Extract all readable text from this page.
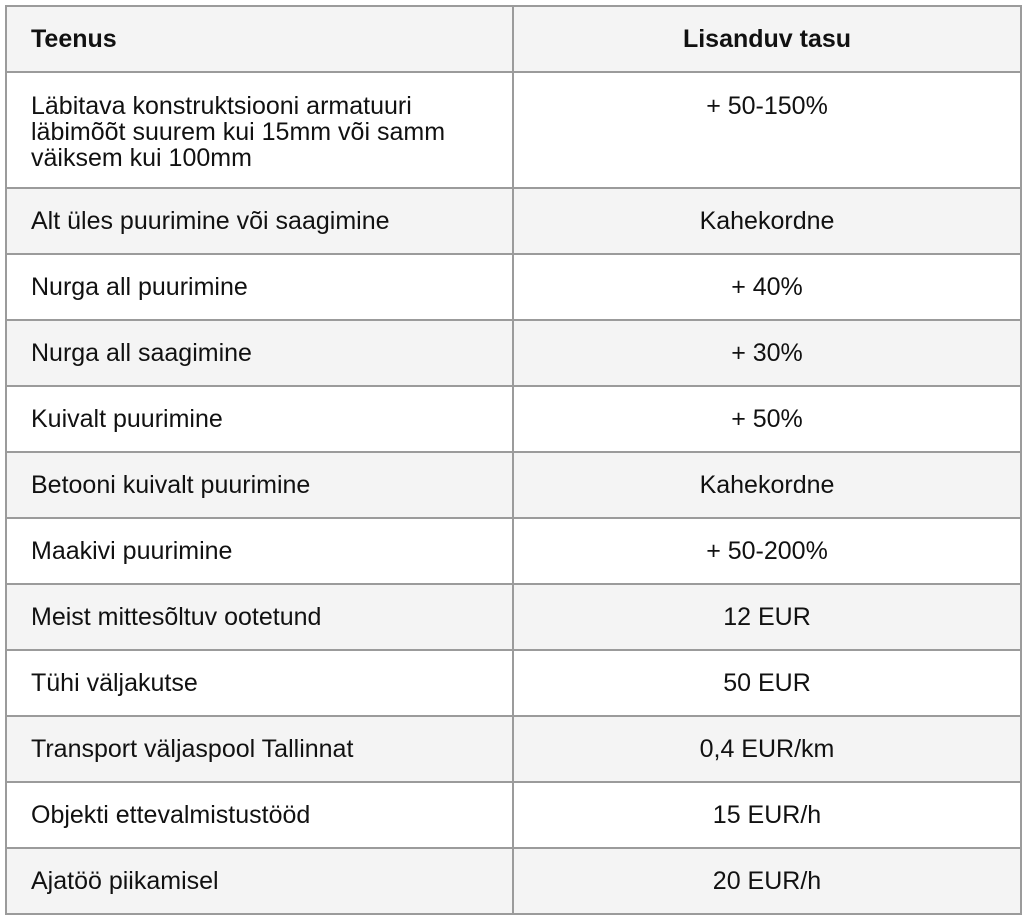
Teenus	Lisanduv tasu
Läbitava konstruktsiooni armatuuri läbimõõt suurem kui 15mm või samm väiksem kui 100mm	+ 50-150%
Alt üles puurimine või saagimine	Kahekordne
Nurga all puurimine	+ 40%
Nurga all saagimine	+ 30%
Kuivalt puurimine	+ 50%
Betooni kuivalt puurimine	Kahekordne
Maakivi puurimine	+ 50-200%
Meist mittesõltuv ootetund	12 EUR
Tühi väljakutse	50 EUR
Transport väljaspool Tallinnat	0,4 EUR/km
Objekti ettevalmistustööd	15 EUR/h
Ajatöö piikamisel	20 EUR/h
